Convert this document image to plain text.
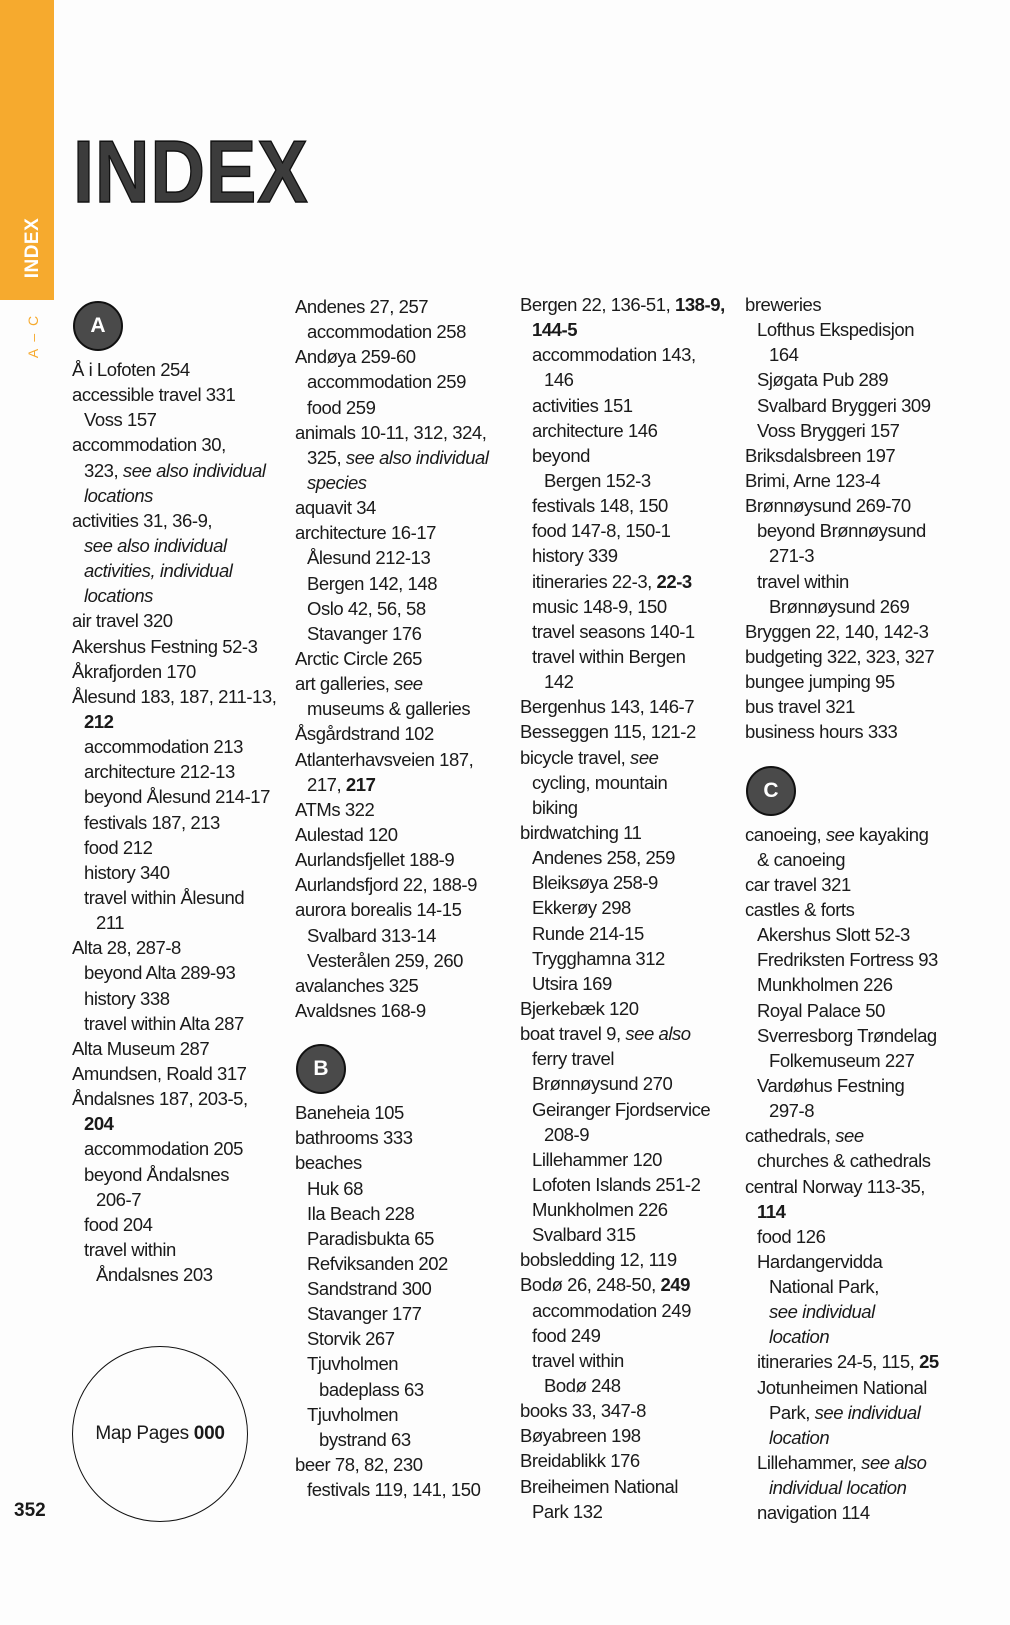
INDEX
A – C
INDEX
A
Å i Lofoten 254
accessible travel 331
Voss 157
accommodation 30,
323, see also individual
locations
activities 31, 36-9,
see also individual
activities, individual
locations
air travel 320
Akershus Festning 52-3
Åkrafjorden 170
Ålesund 183, 187, 211-13,
212
accommodation 213
architecture 212-13
beyond Ålesund 214-17
festivals 187, 213
food 212
history 340
travel within Ålesund
211
Alta 28, 287-8
beyond Alta 289-93
history 338
travel within Alta 287
Alta Museum 287
Amundsen, Roald 317
Åndalsnes 187, 203-5,
204
accommodation 205
beyond Åndalsnes
206-7
food 204
travel within
Åndalsnes 203
Andenes 27, 257
accommodation 258
Andøya 259-60
accommodation 259
food 259
animals 10-11, 312, 324,
325, see also individual
species
aquavit 34
architecture 16-17
Ålesund 212-13
Bergen 142, 148
Oslo 42, 56, 58
Stavanger 176
Arctic Circle 265
art galleries, see
museums & galleries
Åsgårdstrand 102
Atlanterhavsveien 187,
217, 217
ATMs 322
Aulestad 120
Aurlandsfjellet 188-9
Aurlandsfjord 22, 188-9
aurora borealis 14-15
Svalbard 313-14
Vesterålen 259, 260
avalanches 325
Avaldsnes 168-9
B
Baneheia 105
bathrooms 333
beaches
Huk 68
Ila Beach 228
Paradisbukta 65
Refviksanden 202
Sandstrand 300
Stavanger 177
Storvik 267
Tjuvholmen
badeplass 63
Tjuvholmen
bystrand 63
beer 78, 82, 230
festivals 119, 141, 150
Bergen 22, 136-51, 138-9,
144-5
accommodation 143,
146
activities 151
architecture 146
beyond
Bergen 152-3
festivals 148, 150
food 147-8, 150-1
history 339
itineraries 22-3, 22-3
music 148-9, 150
travel seasons 140-1
travel within Bergen
142
Bergenhus 143, 146-7
Besseggen 115, 121-2
bicycle travel, see
cycling, mountain
biking
birdwatching 11
Andenes 258, 259
Bleiksøya 258-9
Ekkerøy 298
Runde 214-15
Trygghamna 312
Utsira 169
Bjerkebæk 120
boat travel 9, see also
ferry travel
Brønnøysund 270
Geiranger Fjordservice
208-9
Lillehammer 120
Lofoten Islands 251-2
Munkholmen 226
Svalbard 315
bobsledding 12, 119
Bodø 26, 248-50, 249
accommodation 249
food 249
travel within
Bodø 248
books 33, 347-8
Bøyabreen 198
Breidablikk 176
Breiheimen National
Park 132
breweries
Lofthus Ekspedisjon
164
Sjøgata Pub 289
Svalbard Bryggeri 309
Voss Bryggeri 157
Briksdalsbreen 197
Brimi, Arne 123-4
Brønnøysund 269-70
beyond Brønnøysund
271-3
travel within
Brønnøysund 269
Bryggen 22, 140, 142-3
budgeting 322, 323, 327
bungee jumping 95
bus travel 321
business hours 333
C
canoeing, see kayaking
& canoeing
car travel 321
castles & forts
Akershus Slott 52-3
Fredriksten Fortress 93
Munkholmen 226
Royal Palace 50
Sverresborg Trøndelag
Folkemuseum 227
Vardøhus Festning
297-8
cathedrals, see
churches & cathedrals
central Norway 113-35,
114
food 126
Hardangervidda
National Park,
see individual
location
itineraries 24-5, 115, 25
Jotunheimen National
Park, see individual
location
Lillehammer, see also
individual location
navigation 114
Map Pages 000
352
